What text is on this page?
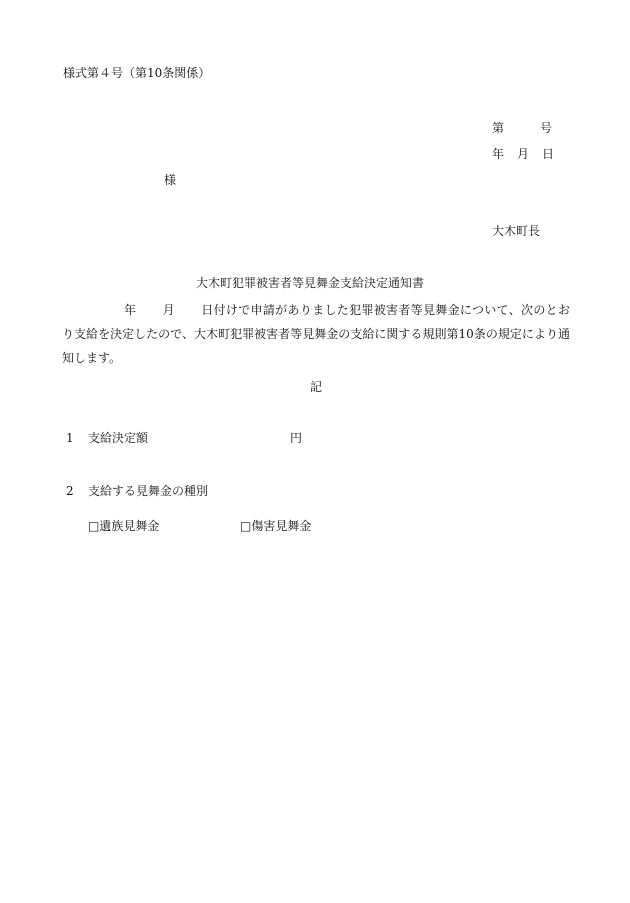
様式第４号（第10条関係）
第	号
年 月 日
様
大木町長
大木町犯罪被害者等見舞金支給決定通知書
年 月 日付けで申請がありました犯罪被害者等見舞金について、次のとおり支給を決定したので、大木町犯罪被害者等見舞金の支給に関する規則第10条の規定により通知します。
記
1 支給決定額	円
2 支給する見舞金の種別
□遺族見舞金	□傷害見舞金
